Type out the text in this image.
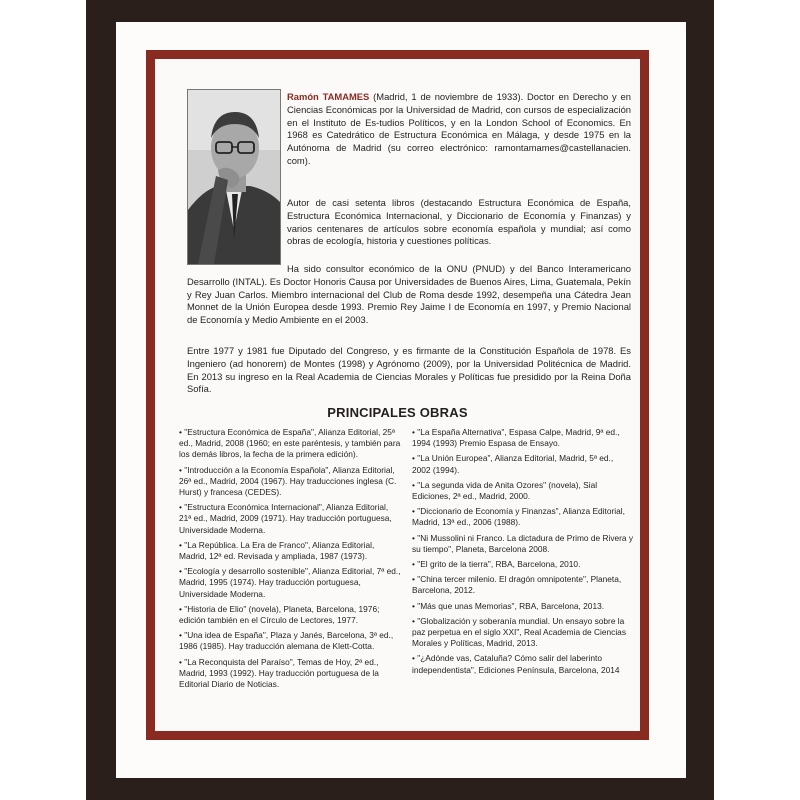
Ramón TAMAMES (Madrid, 1 de noviembre de 1933). Doctor en Derecho y en Ciencias Económicas por la Universidad de Madrid, con cursos de especialización en el Instituto de Es-tudios Políticos, y en la London School of Economics. En 1968 es Catedrático de Estructura Económica en Málaga, y desde 1975 en la Autónoma de Madrid (su correo electrónico: ramontamames@castellanacien. com).
Autor de casi setenta libros (destacando Estructura Económica de España, Estructura Económica Internacional, y Diccionario de Economía y Finanzas) y varios centenares de artículos sobre economía española y mundial; así como obras de ecología, historia y cuestiones políticas.
Ha sido consultor económico de la ONU (PNUD) y del Banco Interamericano Desarrollo (INTAL). Es Doctor Honoris Causa por Universidades de Buenos Aires, Lima, Guatemala, Pekín y Rey Juan Carlos. Miembro internacional del Club de Roma desde 1992, desempeña una Cátedra Jean Monnet de la Unión Europea desde 1993. Premio Rey Jaime I de Economía en 1997, y Premio Nacional de Economía y Medio Ambiente en el 2003.
Entre 1977 y 1981 fue Diputado del Congreso, y es firmante de la Constitución Española de 1978. Es Ingeniero (ad honorem) de Montes (1998) y Agrónomo (2009), por la Universidad Politécnica de Madrid. En 2013 su ingreso en la Real Academia de Ciencias Morales y Políticas fue presidido por la Reina Doña Sofía.
PRINCIPALES OBRAS
• "Estructura Económica de España", Alianza Editorial, 25ª ed., Madrid, 2008 (1960; en este paréntesis, y también para los demás libros, la fecha de la primera edición).
• "Introducción a la Economía Española", Alianza Editorial, 26ª ed., Madrid, 2004 (1967). Hay traducciones inglesa (C. Hurst) y francesa (CEDES).
• "Estructura Económica Internacional", Alianza Editorial, 21ª ed., Madrid, 2009 (1971). Hay traducción portuguesa, Universidade Moderna.
• "La República. La Era de Franco", Alianza Editorial, Madrid, 12ª ed. Revisada y ampliada, 1987 (1973).
• "Ecología y desarrollo sostenible", Alianza Editorial, 7ª ed., Madrid, 1995 (1974). Hay traducción portuguesa, Universidade Moderna.
• "Historia de Elio" (novela), Planeta, Barcelona, 1976; edición también en el Círculo de Lectores, 1977.
• "Una idea de España", Plaza y Janés, Barcelona, 3ª ed., 1986 (1985). Hay traducción alemana de Klett-Cotta.
• "La Reconquista del Paraíso", Temas de Hoy, 2ª ed., Madrid, 1993 (1992). Hay traducción portuguesa de la Editorial Diario de Noticias.
• "La España Alternativa", Espasa Calpe, Madrid, 9ª ed., 1994 (1993) Premio Espasa de Ensayo.
• "La Unión Europea", Alianza Editorial, Madrid, 5ª ed., 2002 (1994).
• "La segunda vida de Anita Ozores" (novela), Sial Ediciones, 2ª ed., Madrid, 2000.
• "Diccionario de Economía y Finanzas", Alianza Editorial, Madrid, 13ª ed., 2006 (1988).
• "Ni Mussolini ni Franco. La dictadura de Primo de Rivera y su tiempo", Planeta, Barcelona 2008.
• "El grito de la tierra", RBA, Barcelona, 2010.
• "China tercer milenio. El dragón omnipotente", Planeta, Barcelona, 2012.
• "Más que unas Memorias", RBA, Barcelona, 2013.
• "Globalización y soberanía mundial. Un ensayo sobre la paz perpetua en el siglo XXI", Real Academia de Ciencias Morales y Políticas, Madrid, 2013.
• "¿Adónde vas, Cataluña? Cómo salir del laberinto independentista", Ediciones Península, Barcelona, 2014
